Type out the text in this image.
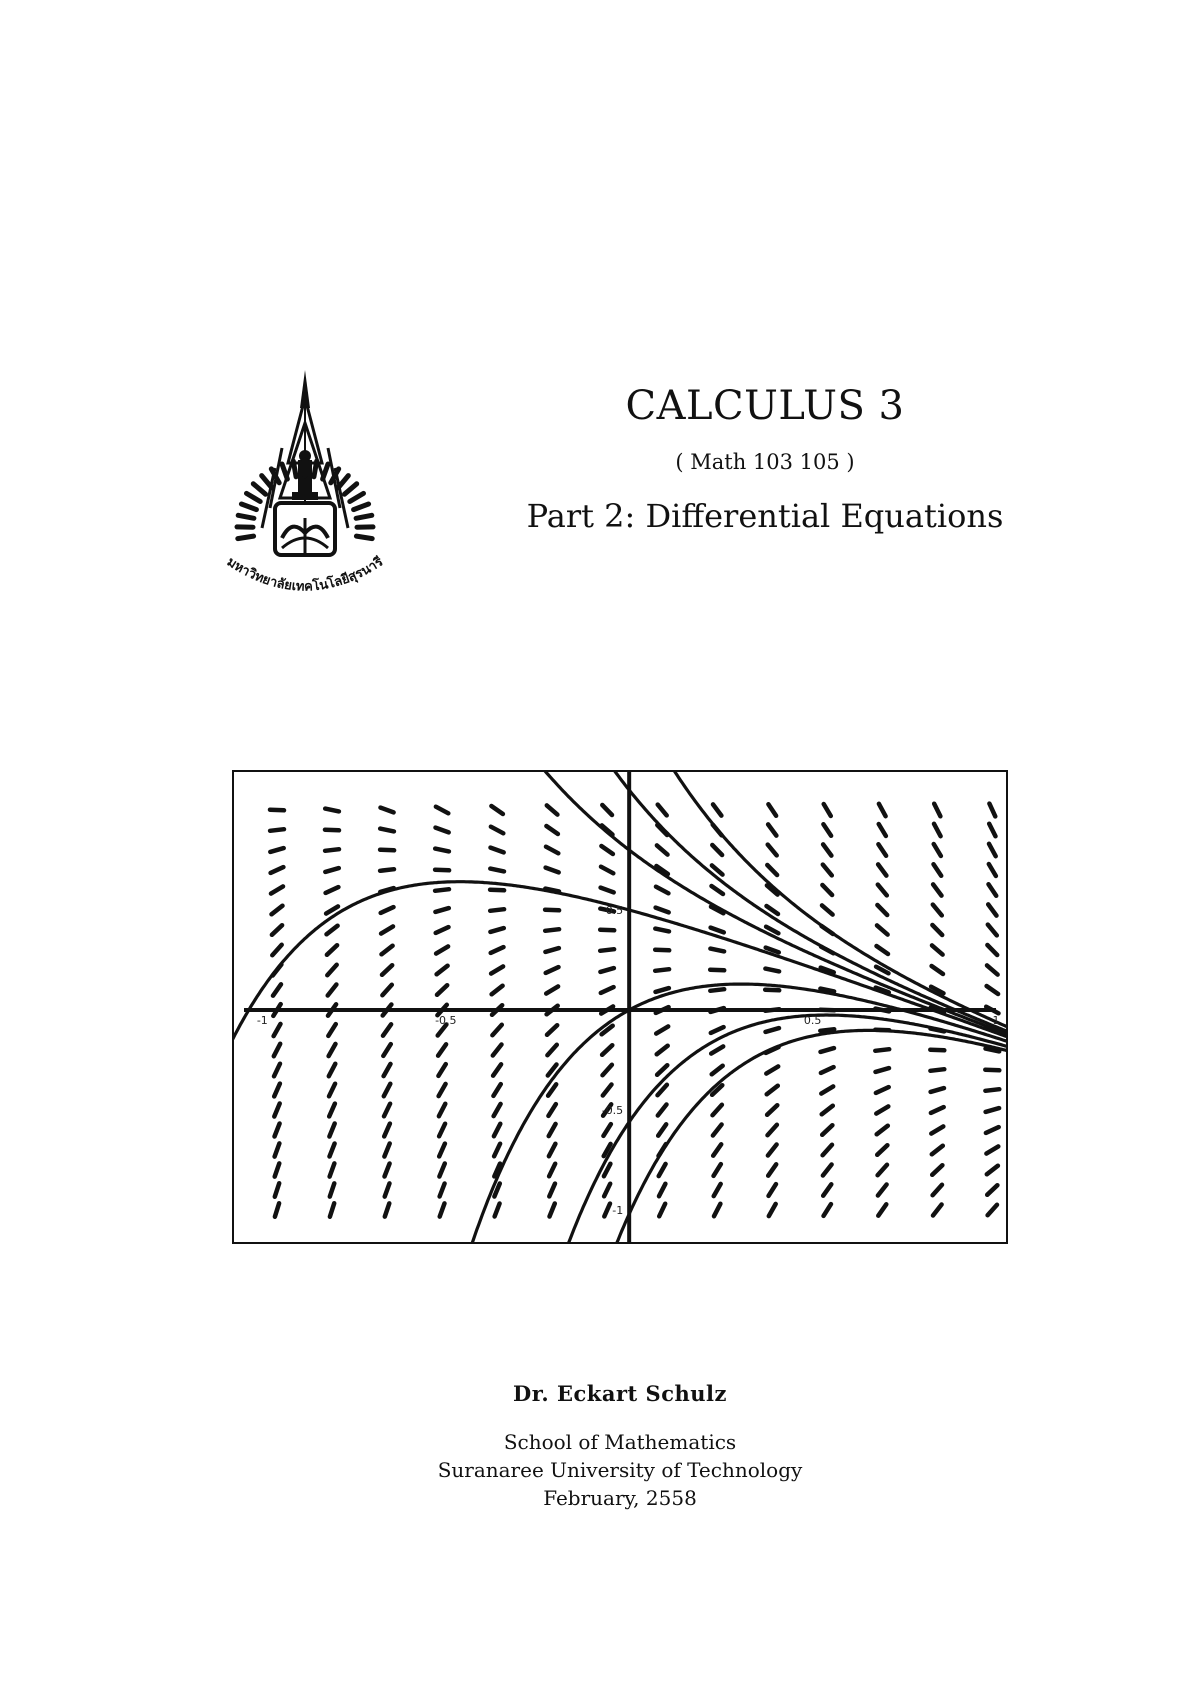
มหาวิทยาลัยเทคโนโลยีสุรนารี
CALCULUS 3
( Math 103 105 )
Part 2: Differential Equations
-1	-0.5	0.5	1
0.5
-0.5
-1
Dr. Eckart Schulz
School of Mathematics
Suranaree University of Technology
February, 2558
